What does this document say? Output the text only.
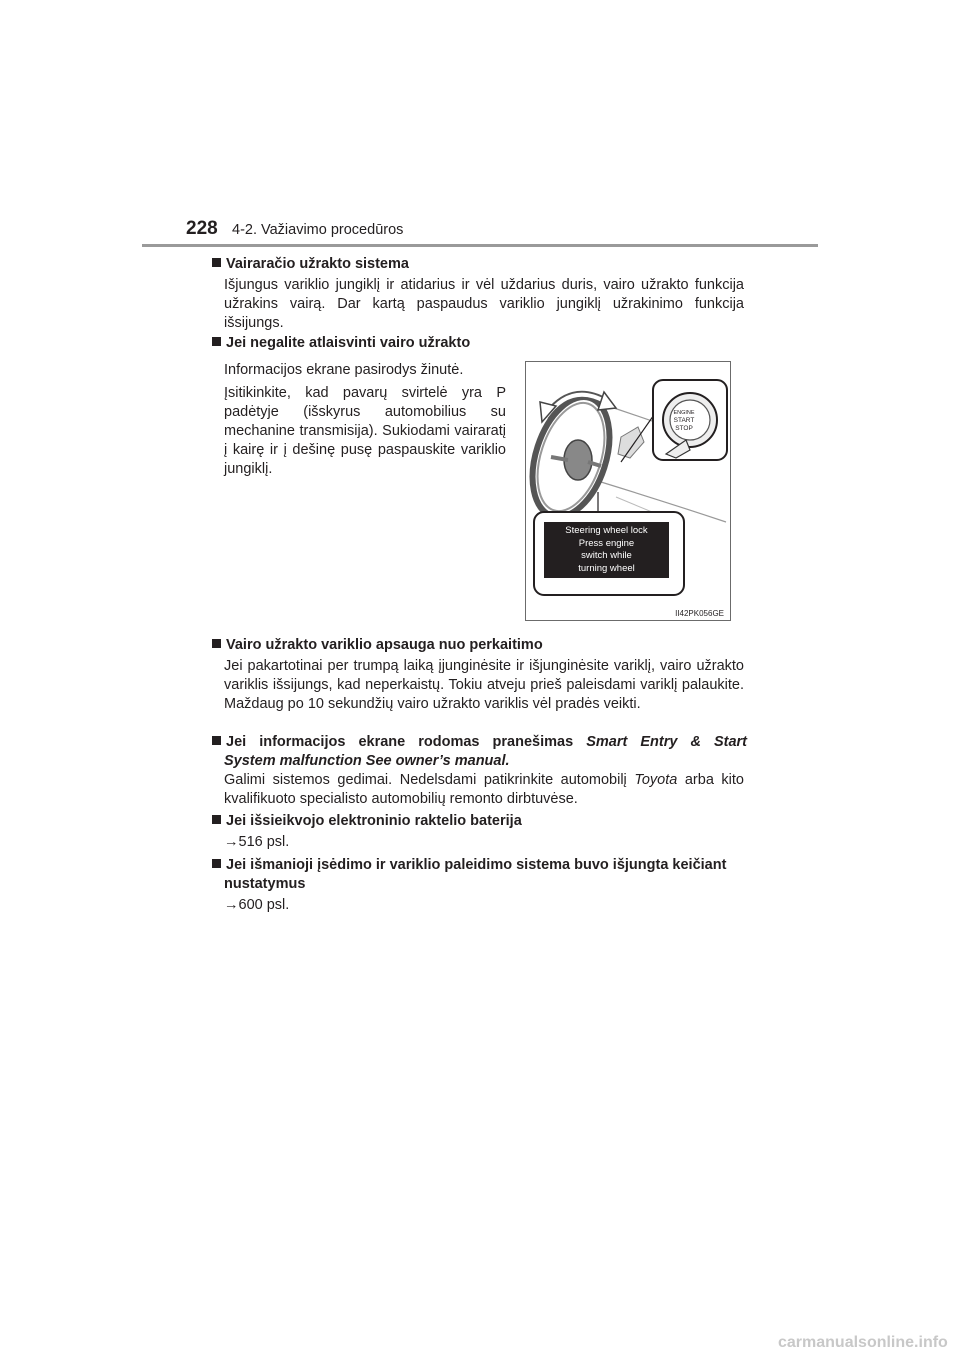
228 4-2. Važiavimo procedūros
Vairaračio užrakto sistema
Išjungus variklio jungiklį ir atidarius ir vėl uždarius duris, vairo užrakto funkcija užrakins vairą. Dar kartą paspaudus variklio jungiklį užrakinimo funkcija išsijungs.
Jei negalite atlaisvinti vairo užrakto
Informacijos ekrane pasirodys žinutė.
Įsitikinkite, kad pavarų svirtelė yra P padėtyje (išskyrus automobilius su mechanine transmisija). Sukiodami vairaratį į kairę ir į dešinę pusę paspauskite variklio jungiklį.
ENGINE
START
STOP
Steering wheel lock
Press engine
switch while
turning wheel
II42PK056GE
Vairo užrakto variklio apsauga nuo perkaitimo
Jei pakartotinai per trumpą laiką įjunginėsite ir išjunginėsite variklį, vairo užrakto variklis išsijungs, kad neperkaistų. Tokiu atveju prieš paleisdami variklį palaukite. Maždaug po 10 sekundžių vairo užrakto variklis vėl pradės veikti.
Jei informacijos ekrane rodomas pranešimas Smart Entry & Start
System malfunction See owner’s manual.
Galimi sistemos gedimai. Nedelsdami patikrinkite automobilį Toyota arba kito kvalifikuoto specialisto automobilių remonto dirbtuvėse.
Jei išsieikvojo elektroninio raktelio baterija
→516 psl.
Jei išmanioji įsėdimo ir variklio paleidimo sistema buvo išjungta keičiant
nustatymus
→600 psl.
carmanualsonline.info
